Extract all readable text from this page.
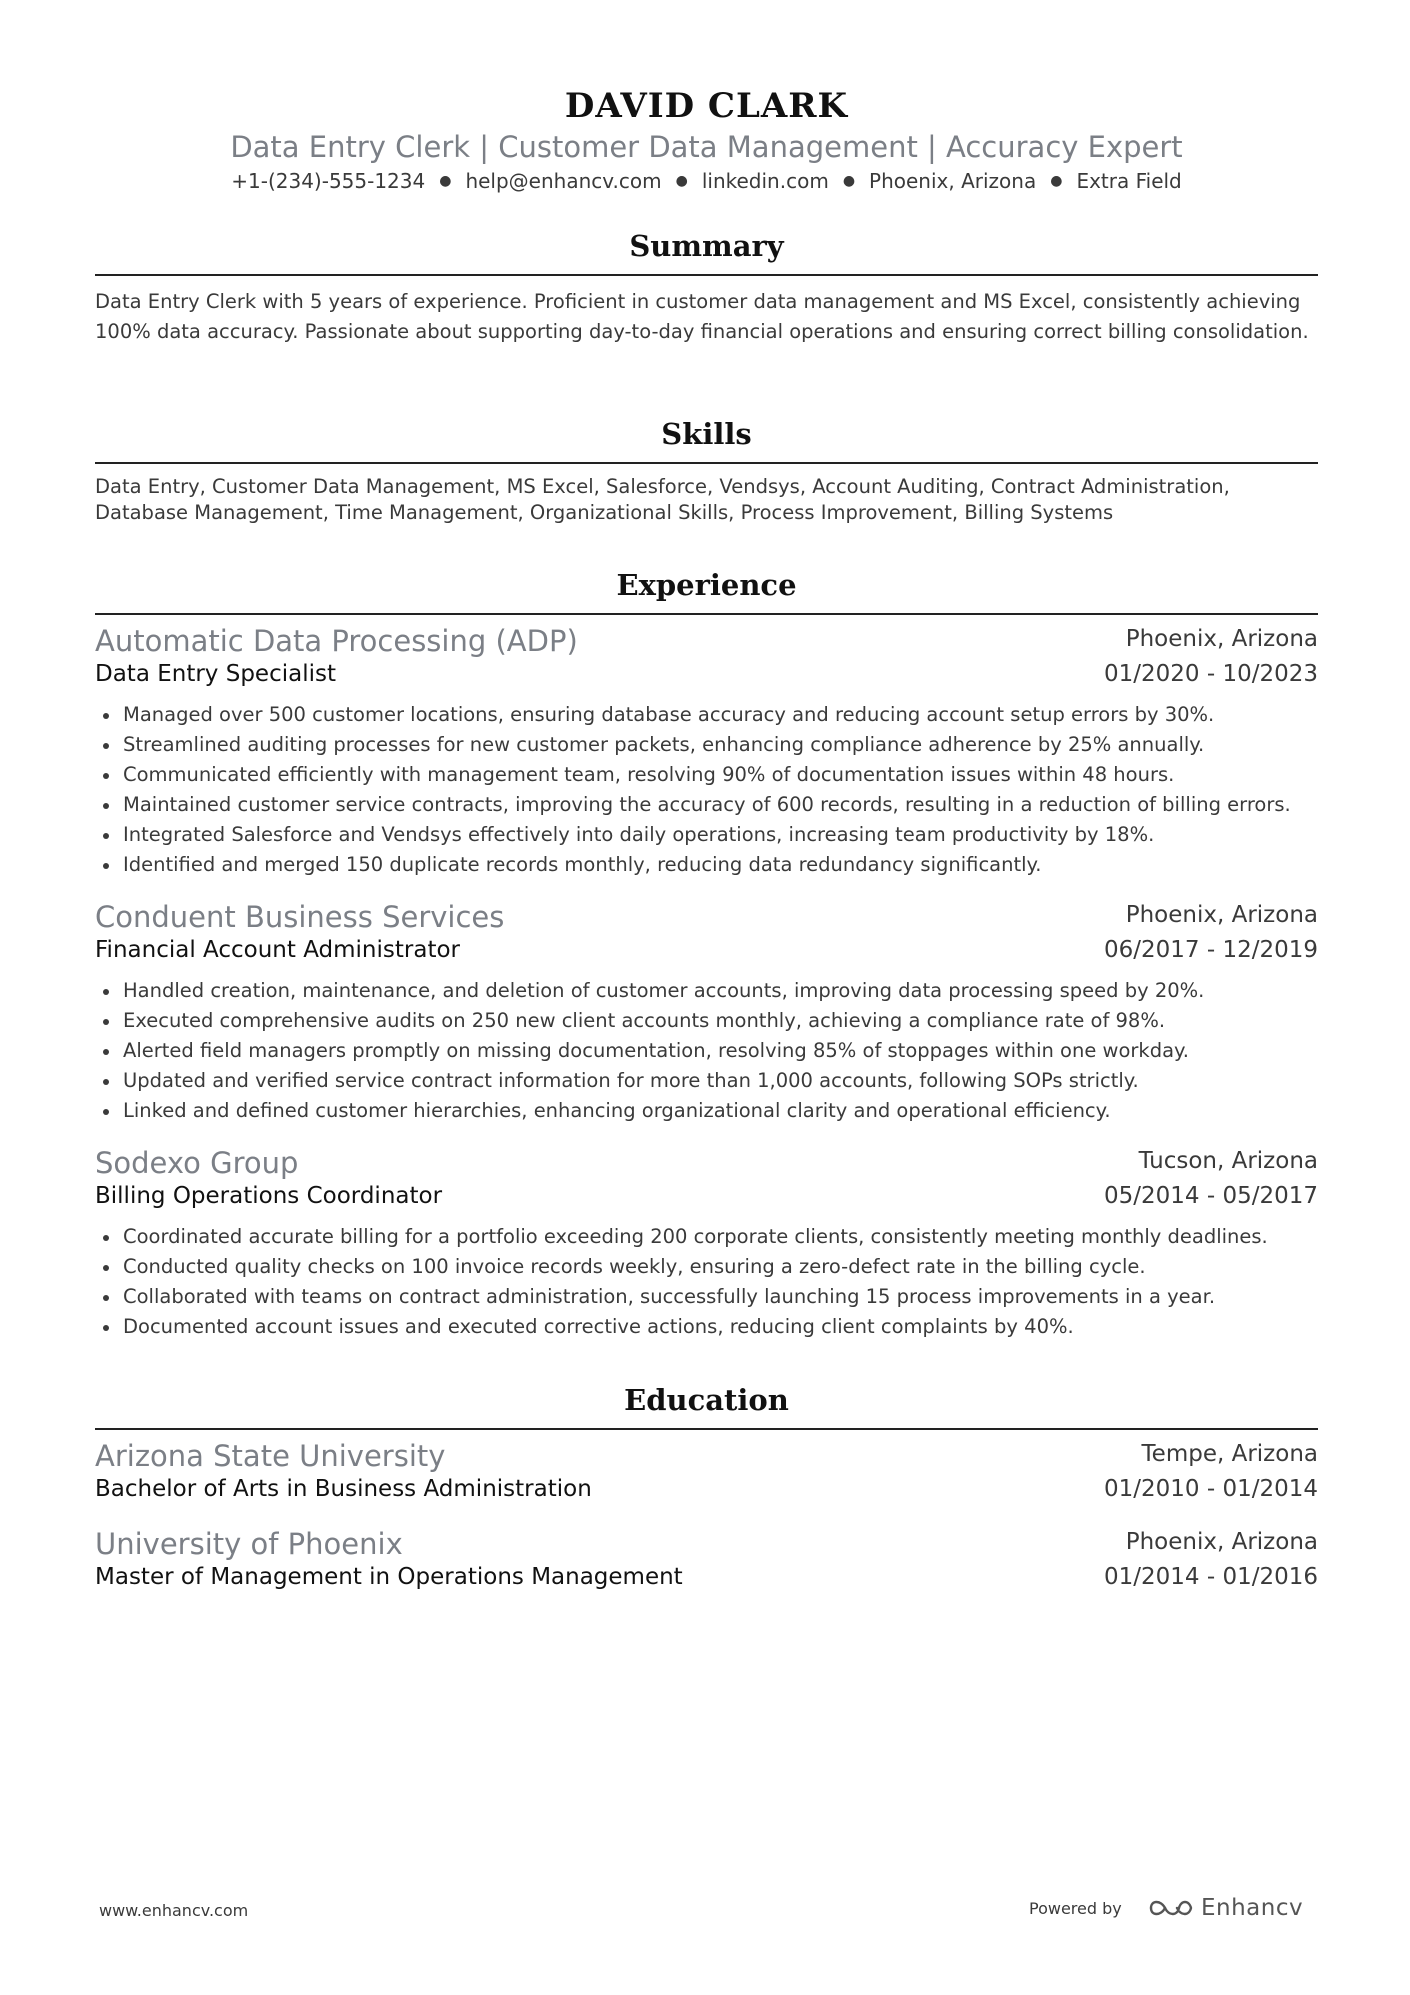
DAVID CLARK
Data Entry Clerk | Customer Data Management | Accuracy Expert
+1-(234)-555-1234 ● help@enhancv.com ● linkedin.com ● Phoenix, Arizona ● Extra Field
Summary
Data Entry Clerk with 5 years of experience. Proficient in customer data management and MS Excel, consistently achieving 100% data accuracy. Passionate about supporting day-to-day financial operations and ensuring correct billing consolidation.
Skills
Data Entry, Customer Data Management, MS Excel, Salesforce, Vendsys, Account Auditing, Contract Administration, Database Management, Time Management, Organizational Skills, Process Improvement, Billing Systems
Experience
Automatic Data Processing (ADP)	Phoenix, Arizona
Data Entry Specialist	01/2020 - 10/2023
Managed over 500 customer locations, ensuring database accuracy and reducing account setup errors by 30%.
Streamlined auditing processes for new customer packets, enhancing compliance adherence by 25% annually.
Communicated efficiently with management team, resolving 90% of documentation issues within 48 hours.
Maintained customer service contracts, improving the accuracy of 600 records, resulting in a reduction of billing errors.
Integrated Salesforce and Vendsys effectively into daily operations, increasing team productivity by 18%.
Identified and merged 150 duplicate records monthly, reducing data redundancy significantly.
Conduent Business Services	Phoenix, Arizona
Financial Account Administrator	06/2017 - 12/2019
Handled creation, maintenance, and deletion of customer accounts, improving data processing speed by 20%.
Executed comprehensive audits on 250 new client accounts monthly, achieving a compliance rate of 98%.
Alerted field managers promptly on missing documentation, resolving 85% of stoppages within one workday.
Updated and verified service contract information for more than 1,000 accounts, following SOPs strictly.
Linked and defined customer hierarchies, enhancing organizational clarity and operational efficiency.
Sodexo Group	Tucson, Arizona
Billing Operations Coordinator	05/2014 - 05/2017
Coordinated accurate billing for a portfolio exceeding 200 corporate clients, consistently meeting monthly deadlines.
Conducted quality checks on 100 invoice records weekly, ensuring a zero-defect rate in the billing cycle.
Collaborated with teams on contract administration, successfully launching 15 process improvements in a year.
Documented account issues and executed corrective actions, reducing client complaints by 40%.
Education
Arizona State University	Tempe, Arizona
Bachelor of Arts in Business Administration	01/2010 - 01/2014
University of Phoenix	Phoenix, Arizona
Master of Management in Operations Management	01/2014 - 01/2016
www.enhancv.com	Powered by	Enhancv
